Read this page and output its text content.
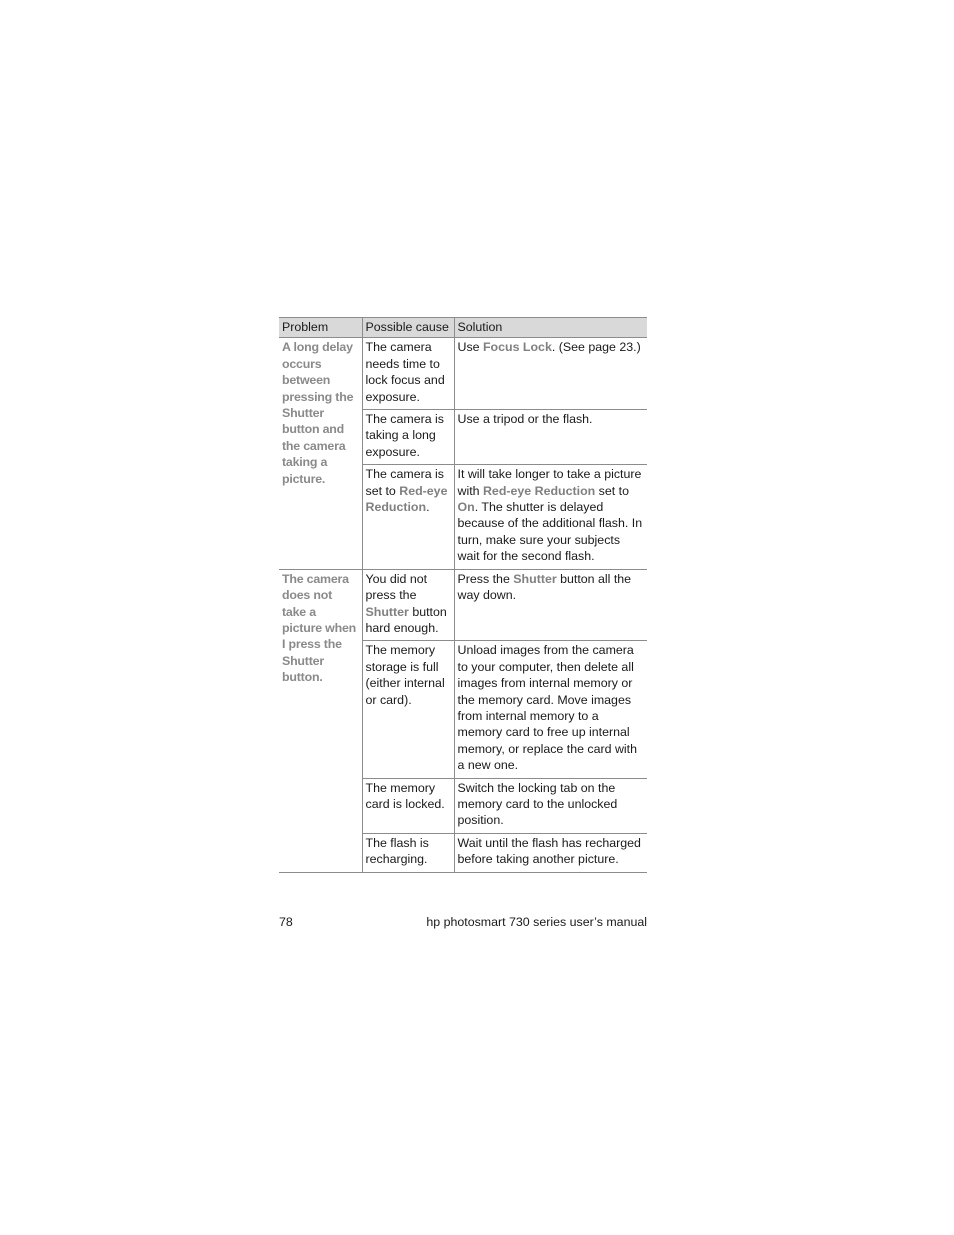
Problem	Possible cause	Solution
A long delay occurs between pressing the Shutter button and the camera taking a picture.	The camera needs time to lock focus and exposure.	Use Focus Lock. (See page 23.)
	The camera is taking a long exposure.	Use a tripod or the flash.
	The camera is set to Red-eye Reduction.	It will take longer to take a picture with Red-eye Reduction set to On. The shutter is delayed because of the additional flash. In turn, make sure your subjects wait for the second flash.
The camera does not take a picture when I press the Shutter button.	You did not press the Shutter button hard enough.	Press the Shutter button all the way down.
	The memory storage is full (either internal or card).	Unload images from the camera to your computer, then delete all images from internal memory or the memory card. Move images from internal memory to a memory card to free up internal memory, or replace the card with a new one.
	The memory card is locked.	Switch the locking tab on the memory card to the unlocked position.
	The flash is recharging.	Wait until the flash has recharged before taking another picture.
78	hp photosmart 730 series user’s manual
